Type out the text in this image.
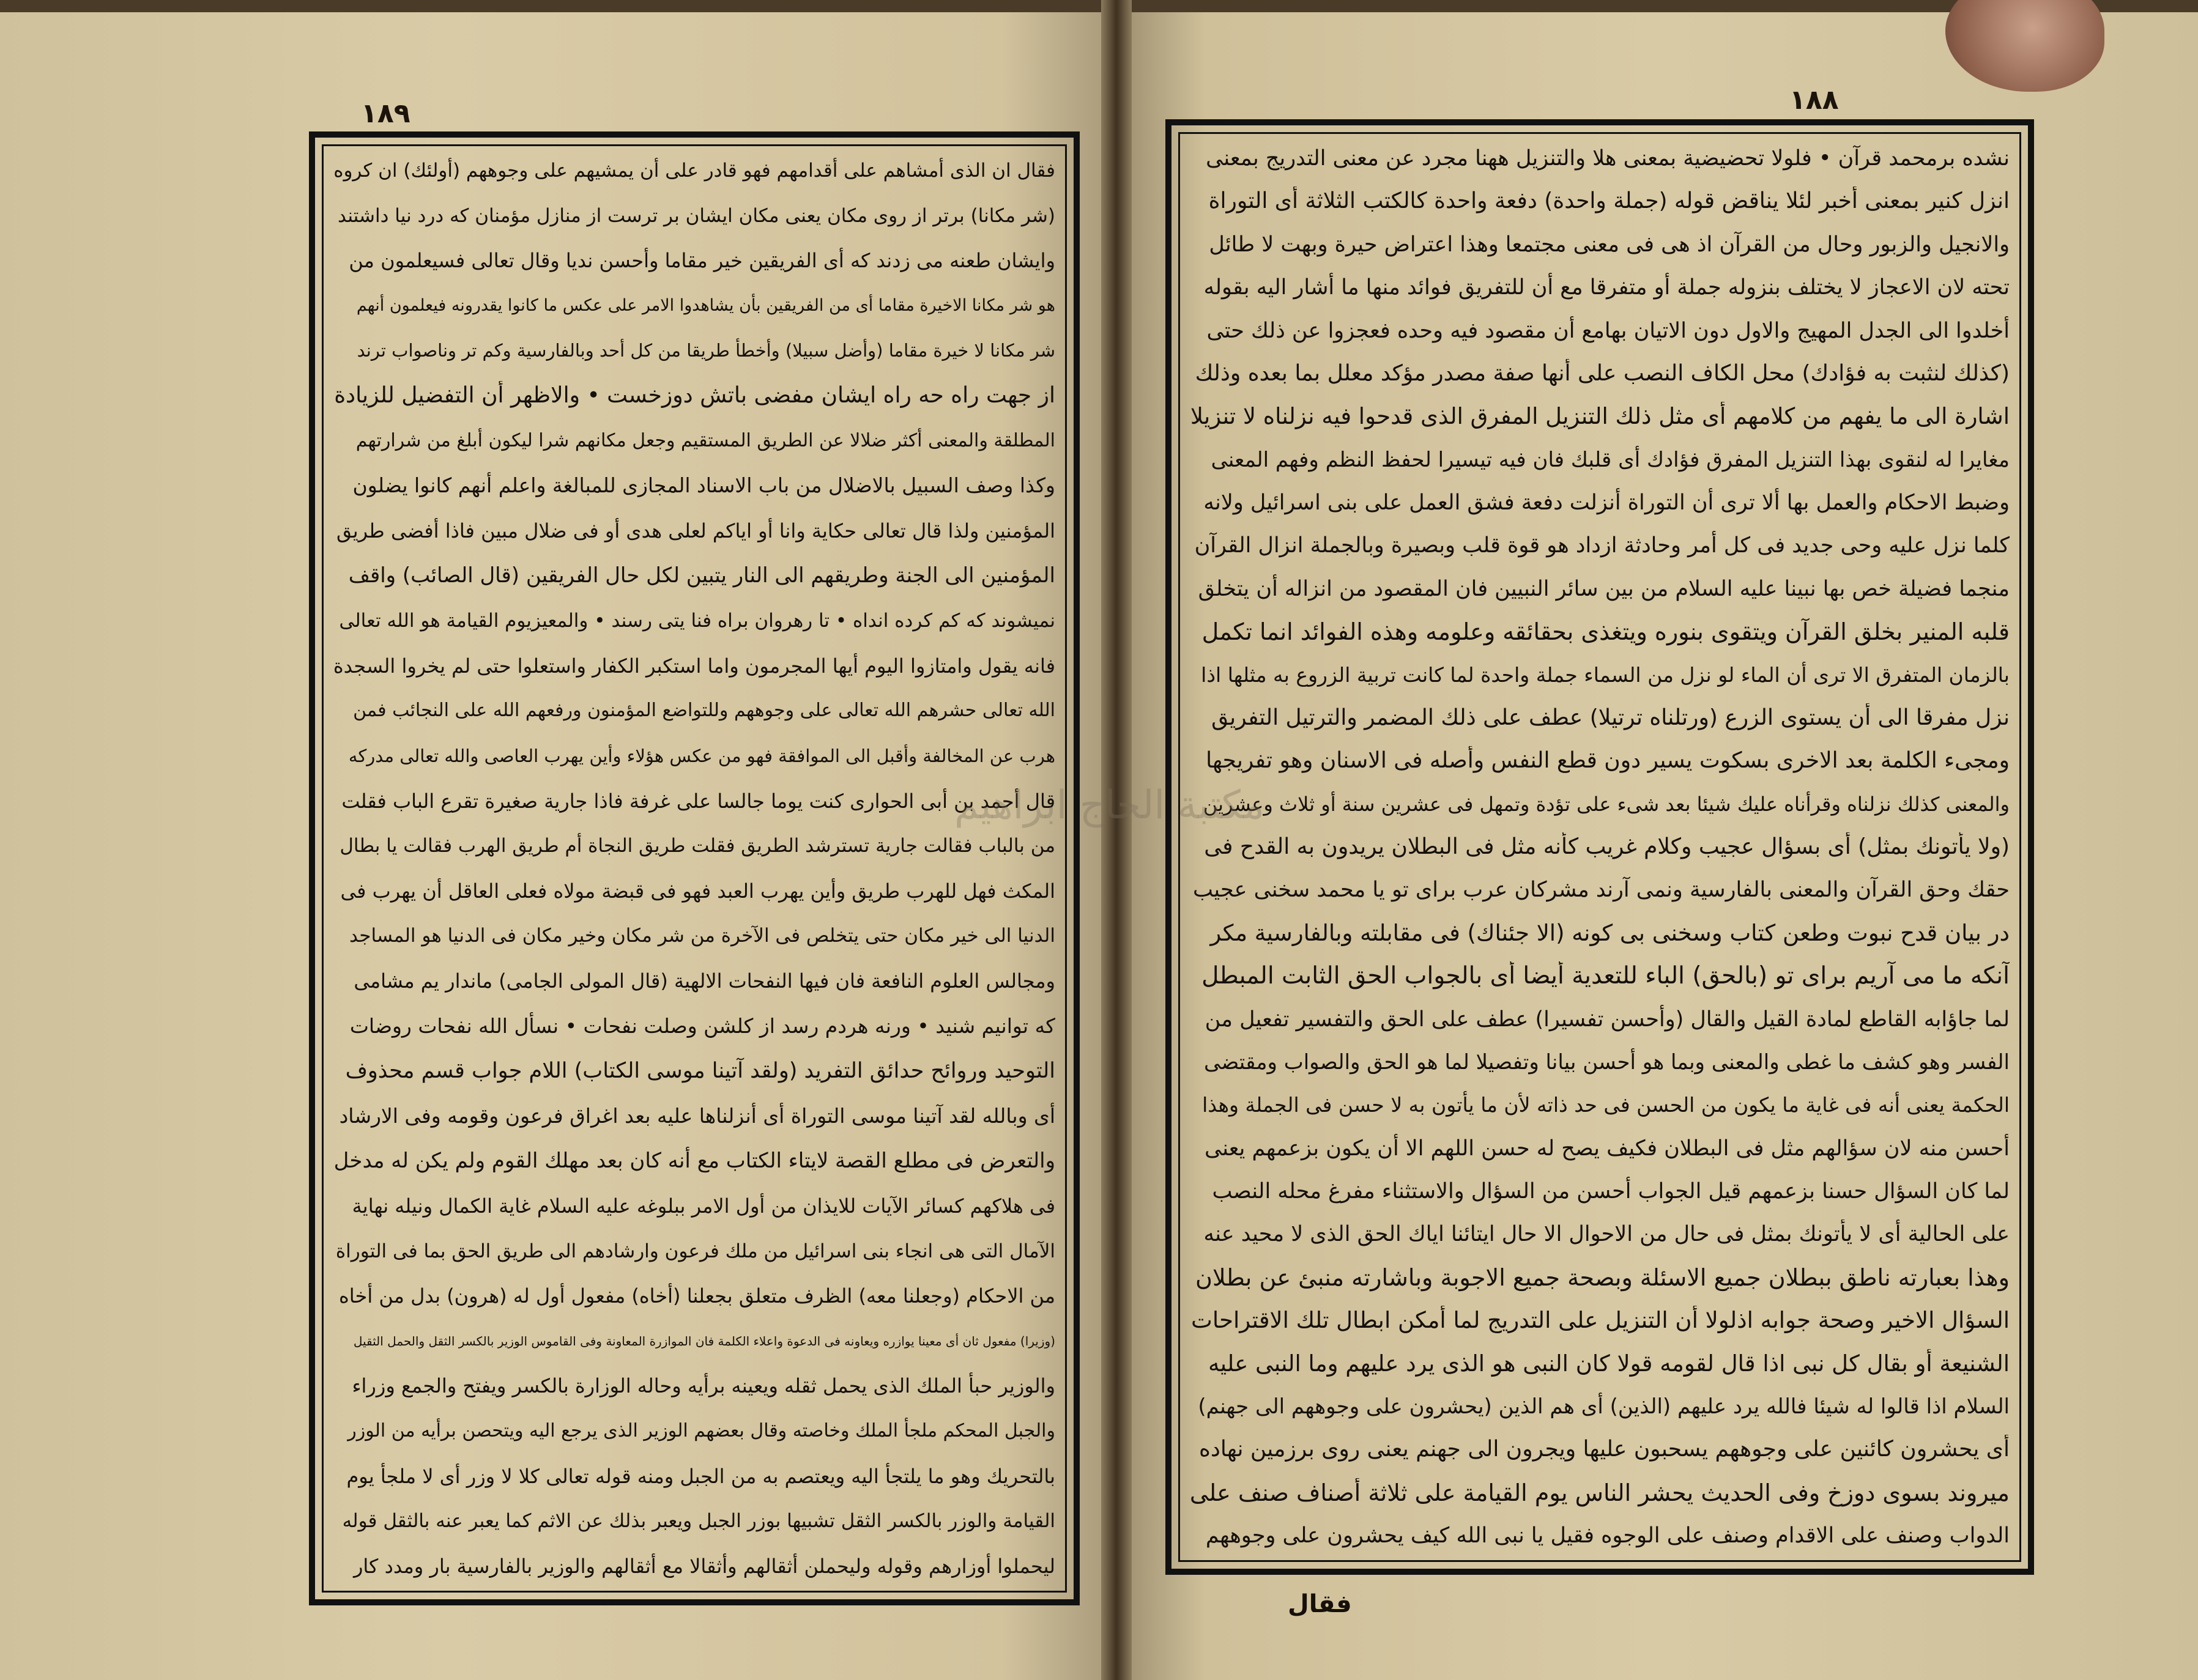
١٨٩	١٨٨
فقال ان الذى أمشاهم على أقدامهم فهو قادر على أن يمشيهم على وجوههم (أولئك) ان كروه
(شر مكانا) برتر از روى مكان يعنى مكان ايشان بر ترست از منازل مؤمنان كه درد نيا داشتند
وايشان طعنه مى زدند كه أى الفريقين خير مقاما وأحسن نديا وقال تعالى فسيعلمون من
هو شر مكانا الاخيرة مقاما أى من الفريقين بأن يشاهدوا الامر على عكس ما كانوا يقدرونه فيعلمون أنهم
شر مكانا لا خيرة مقاما (وأضل سبيلا) وأخطأ طريقا من كل أحد وبالفارسية وكم تر وناصواب ترند
از جهت راه حه راه ايشان مفضى باتش دوزخست • والاظهر أن التفضيل للزيادة
المطلقة والمعنى أكثر ضلالا عن الطريق المستقيم وجعل مكانهم شرا ليكون أبلغ من شرارتهم
وكذا وصف السبيل بالاضلال من باب الاسناد المجازى للمبالغة واعلم أنهم كانوا يضلون
المؤمنين ولذا قال تعالى حكاية وانا أو اياكم لعلى هدى أو فى ضلال مبين فاذا أفضى طريق
المؤمنين الى الجنة وطريقهم الى النار يتبين لكل حال الفريقين (قال الصائب) واقف
نميشوند كه كم كرده انداه • تا رهروان براه فنا يتى رسند • والمعيزيوم القيامة هو الله تعالى
فانه يقول وامتازوا اليوم أيها المجرمون واما استكبر الكفار واستعلوا حتى لم يخروا السجدة
الله تعالى حشرهم الله تعالى على وجوههم وللتواضع المؤمنون ورفعهم الله على النجائب فمن
هرب عن المخالفة وأقبل الى الموافقة فهو من عكس هؤلاء وأين يهرب العاصى والله تعالى مدركه
قال أحمد بن أبى الحوارى كنت يوما جالسا على غرفة فاذا جارية صغيرة تقرع الباب فقلت
من بالباب فقالت جارية تسترشد الطريق فقلت طريق النجاة أم طريق الهرب فقالت يا بطال
المكث فهل للهرب طريق وأين يهرب العبد فهو فى قبضة مولاه فعلى العاقل أن يهرب فى
الدنيا الى خير مكان حتى يتخلص فى الآخرة من شر مكان وخير مكان فى الدنيا هو المساجد
ومجالس العلوم النافعة فان فيها النفحات الالهية (قال المولى الجامى) ماندار يم مشامى
كه توانيم شنيد • ورنه هردم رسد از كلشن وصلت نفحات • نسأل الله نفحات روضات
التوحيد وروائح حدائق التفريد (ولقد آتينا موسى الكتاب) اللام جواب قسم محذوف
أى وبالله لقد آتينا موسى التوراة أى أنزلناها عليه بعد اغراق فرعون وقومه وفى الارشاد
والتعرض فى مطلع القصة لايتاء الكتاب مع أنه كان بعد مهلك القوم ولم يكن له مدخل
فى هلاكهم كسائر الآيات للايذان من أول الامر ببلوغه عليه السلام غاية الكمال ونيله نهاية
الآمال التى هى انجاء بنى اسرائيل من ملك فرعون وارشادهم الى طريق الحق بما فى التوراة
من الاحكام (وجعلنا معه) الظرف متعلق بجعلنا (أخاه) مفعول أول له (هرون) بدل من أخاه
(وزيرا) مفعول ثان أى معينا يوازره ويعاونه فى الدعوة واعلاء الكلمة فان الموازرة المعاونة وفى القاموس الوزير بالكسر الثقل والحمل الثقيل
والوزير حبأ الملك الذى يحمل ثقله ويعينه برأيه وحاله الوزارة بالكسر ويفتح والجمع وزراء
والجبل المحكم ملجأ الملك وخاصته وقال بعضهم الوزير الذى يرجع اليه ويتحصن برأيه من الوزر
بالتحريك وهو ما يلتجأ اليه ويعتصم به من الجبل ومنه قوله تعالى كلا لا وزر أى لا ملجأ يوم
القيامة والوزر بالكسر الثقل تشبيها بوزر الجبل ويعبر بذلك عن الاثم كما يعبر عنه بالثقل قوله
ليحملوا أوزارهم وقوله وليحملن أثقالهم وأثقالا مع أثقالهم والوزير بالفارسية بار ومدد كار
نشده برمحمد قرآن • فلولا تحضيضية بمعنى هلا والتنزيل ههنا مجرد عن معنى التدريج بمعنى
انزل كنير بمعنى أخبر لئلا يناقض قوله (جملة واحدة) دفعة واحدة كالكتب الثلاثة أى التوراة
والانجيل والزبور وحال من القرآن اذ هى فى معنى مجتمعا وهذا اعتراض حيرة وبهت لا طائل
تحته لان الاعجاز لا يختلف بنزوله جملة أو متفرقا مع أن للتفريق فوائد منها ما أشار اليه بقوله
أخلدوا الى الجدل المهيج والاول دون الاتيان بهامع أن مقصود فيه وحده فعجزوا عن ذلك حتى
(كذلك لنثبت به فؤادك) محل الكاف النصب على أنها صفة مصدر مؤكد معلل بما بعده وذلك
اشارة الى ما يفهم من كلامهم أى مثل ذلك التنزيل المفرق الذى قدحوا فيه نزلناه لا تنزيلا
مغايرا له لنقوى بهذا التنزيل المفرق فؤادك أى قلبك فان فيه تيسيرا لحفظ النظم وفهم المعنى
وضبط الاحكام والعمل بها ألا ترى أن التوراة أنزلت دفعة فشق العمل على بنى اسرائيل ولانه
كلما نزل عليه وحى جديد فى كل أمر وحادثة ازداد هو قوة قلب وبصيرة وبالجملة انزال القرآن
منجما فضيلة خص بها نبينا عليه السلام من بين سائر النبيين فان المقصود من انزاله أن يتخلق
قلبه المنير بخلق القرآن ويتقوى بنوره ويتغذى بحقائقه وعلومه وهذه الفوائد انما تكمل
بالزمان المتفرق الا ترى أن الماء لو نزل من السماء جملة واحدة لما كانت تربية الزروع به مثلها اذا
نزل مفرقا الى أن يستوى الزرع (ورتلناه ترتيلا) عطف على ذلك المضمر والترتيل التفريق
ومجىء الكلمة بعد الاخرى بسكوت يسير دون قطع النفس وأصله فى الاسنان وهو تفريجها
والمعنى كذلك نزلناه وقرأناه عليك شيئا بعد شىء على تؤدة وتمهل فى عشرين سنة أو ثلاث وعشرين
(ولا يأتونك بمثل) أى بسؤال عجيب وكلام غريب كأنه مثل فى البطلان يريدون به القدح فى
حقك وحق القرآن والمعنى بالفارسية ونمى آرند مشركان عرب براى تو يا محمد سخنى عجيب
در بيان قدح نبوت وطعن كتاب وسخنى بى كونه (الا جئناك) فى مقابلته وبالفارسية مكر
آنكه ما مى آريم براى تو (بالحق) الباء للتعدية أيضا أى بالجواب الحق الثابت المبطل
لما جاؤابه القاطع لمادة القيل والقال (وأحسن تفسيرا) عطف على الحق والتفسير تفعيل من
الفسر وهو كشف ما غطى والمعنى وبما هو أحسن بيانا وتفصيلا لما هو الحق والصواب ومقتضى
الحكمة يعنى أنه فى غاية ما يكون من الحسن فى حد ذاته لأن ما يأتون به لا حسن فى الجملة وهذا
أحسن منه لان سؤالهم مثل فى البطلان فكيف يصح له حسن اللهم الا أن يكون بزعمهم يعنى
لما كان السؤال حسنا بزعمهم قيل الجواب أحسن من السؤال والاستثناء مفرغ محله النصب
على الحالية أى لا يأتونك بمثل فى حال من الاحوال الا حال ايتائنا اياك الحق الذى لا محيد عنه
وهذا بعبارته ناطق ببطلان جميع الاسئلة وبصحة جميع الاجوبة وباشارته منبئ عن بطلان
السؤال الاخير وصحة جوابه اذلولا أن التنزيل على التدريج لما أمكن ابطال تلك الاقتراحات
الشنيعة أو بقال كل نبى اذا قال لقومه قولا كان النبى هو الذى يرد عليهم وما النبى عليه
السلام اذا قالوا له شيئا فالله يرد عليهم (الذين) أى هم الذين (يحشرون على وجوههم الى جهنم)
أى يحشرون كائنين على وجوههم يسحبون عليها ويجرون الى جهنم يعنى روى برزمين نهاده
ميروند بسوى دوزخ وفى الحديث يحشر الناس يوم القيامة على ثلاثة أصناف صنف على
الدواب وصنف على الاقدام وصنف على الوجوه فقيل يا نبى الله كيف يحشرون على وجوههم
فقال
مكتبة الحاج ابراهيم
